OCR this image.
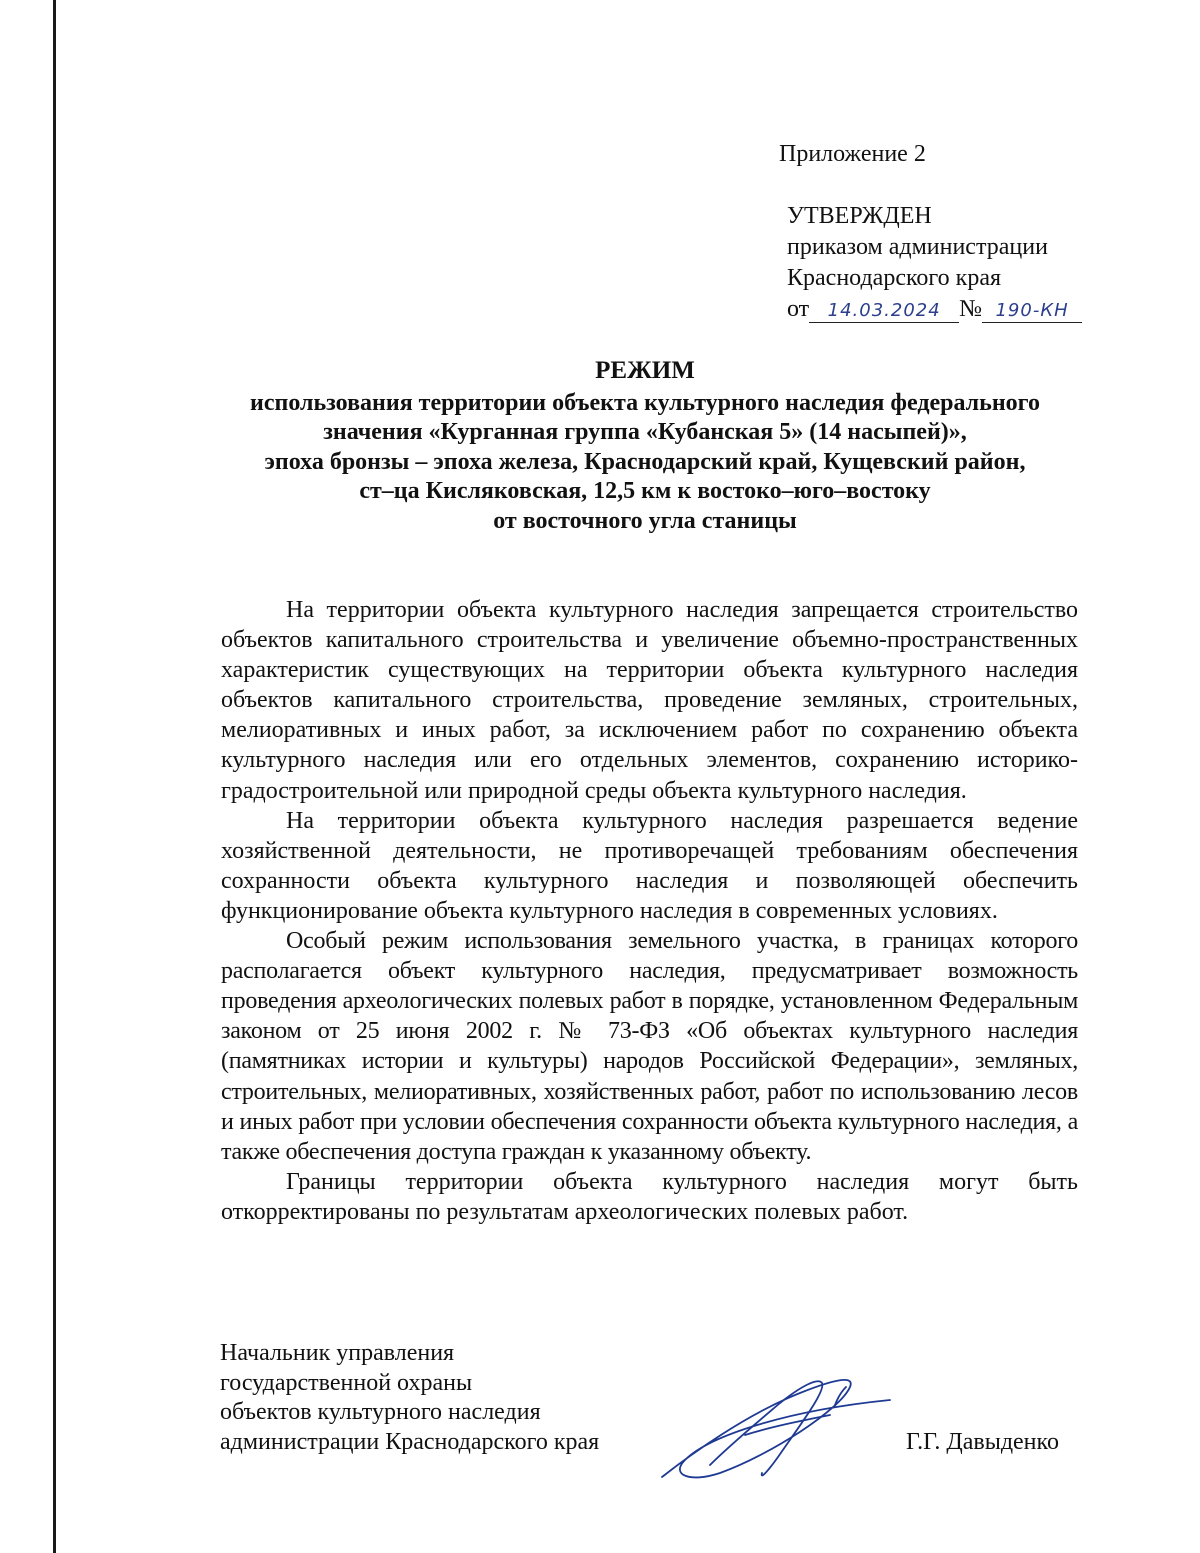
Приложение 2
УТВЕРЖДЕН
приказом администрации
Краснодарского края
от 14.03.2024 № 190-КН
РЕЖИМ
использования территории объекта культурного наследия федерального
значения «Курганная группа «Кубанская 5» (14 насыпей)»,
эпоха бронзы – эпоха железа, Краснодарский край, Кущевский район,
ст–ца Кисляковская, 12,5 км к востоко–юго–востоку
от восточного угла станицы

На территории объекта культурного наследия запрещается строительство объектов капитального строительства и увеличение объемно-пространственных характеристик существующих на территории объекта культурного наследия объектов капитального строительства, проведение земляных, строительных, мелиоративных и иных работ, за исключением работ по сохранению объекта культурного наследия или его отдельных элементов, сохранению историко-градостроительной или природной среды объекта культурного наследия.

На территории объекта культурного наследия разрешается ведение хозяйственной деятельности, не противоречащей требованиям обеспечения сохранности объекта культурного наследия и позволяющей обеспечить функционирование объекта культурного наследия в современных условиях.

Особый режим использования земельного участка, в границах которого располагается объект культурного наследия, предусматривает возможность проведения археологических полевых работ в порядке, установленном Федеральным законом от 25 июня 2002 г. № 73-ФЗ «Об объектах культурного наследия (памятниках истории и культуры) народов Российской Федерации», земляных, строительных, мелиоративных, хозяйственных работ, работ по использованию лесов и иных работ при условии обеспечения сохранности объекта культурного наследия, а также обеспечения доступа граждан к указанному объекту.

Границы территории объекта культурного наследия могут быть откорректированы по результатам археологических полевых работ.

Начальник управления
государственной охраны
объектов культурного наследия
администрации Краснодарского края	Г.Г. Давыденко
